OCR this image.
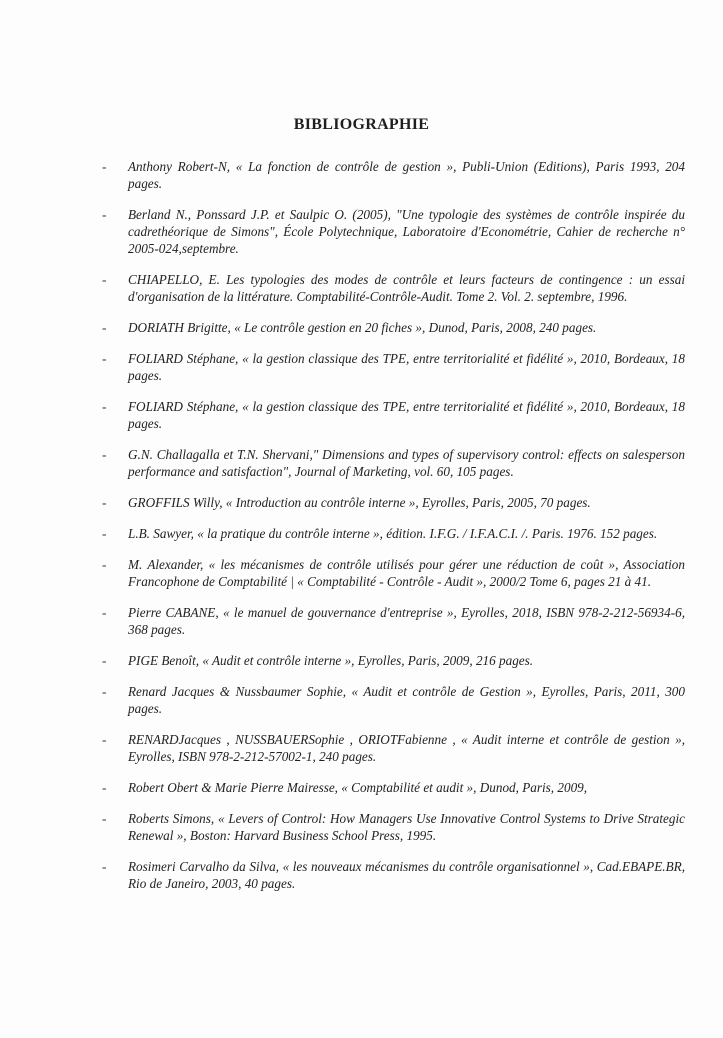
BIBLIOGRAPHIE
- Anthony Robert-N, « La fonction de contrôle de gestion », Publi-Union (Editions), Paris 1993, 204 pages.
- Berland N., Ponssard J.P. et Saulpic O. (2005), "Une typologie des systèmes de contrôle inspirée du cadrethéorique de Simons", École Polytechnique, Laboratoire d'Econométrie, Cahier de recherche n° 2005-024,septembre.
- CHIAPELLO, E. Les typologies des modes de contrôle et leurs facteurs de contingence : un essai d'organisation de la littérature. Comptabilité-Contrôle-Audit. Tome 2. Vol. 2. septembre, 1996.
- DORIATH Brigitte, « Le contrôle gestion en 20 fiches », Dunod, Paris, 2008, 240 pages.
- FOLIARD Stéphane, « la gestion classique des TPE, entre territorialité et fidélité », 2010, Bordeaux, 18 pages.
- FOLIARD Stéphane, « la gestion classique des TPE, entre territorialité et fidélité », 2010, Bordeaux, 18 pages.
- G.N. Challagalla et T.N. Shervani," Dimensions and types of supervisory control: effects on salesperson performance and satisfaction", Journal of Marketing, vol. 60, 105 pages.
- GROFFILS Willy, « Introduction au contrôle interne », Eyrolles, Paris, 2005, 70 pages.
- L.B. Sawyer, « la pratique du contrôle interne », édition. I.F.G. / I.F.A.C.I. /. Paris. 1976. 152 pages.
- M. Alexander, « les mécanismes de contrôle utilisés pour gérer une réduction de coût », Association Francophone de Comptabilité | « Comptabilité - Contrôle - Audit », 2000/2 Tome 6, pages 21 à 41.
- Pierre CABANE, « le manuel de gouvernance d'entreprise », Eyrolles, 2018, ISBN 978-2-212-56934-6, 368 pages.
- PIGE Benoît, « Audit et contrôle interne », Eyrolles, Paris, 2009, 216 pages.
- Renard Jacques & Nussbaumer Sophie, « Audit et contrôle de Gestion », Eyrolles, Paris, 2011, 300 pages.
- RENARDJacques , NUSSBAUERSophie , ORIOTFabienne , « Audit interne et contrôle de gestion », Eyrolles, ISBN 978-2-212-57002-1, 240 pages.
- Robert Obert & Marie Pierre Mairesse, « Comptabilité et audit », Dunod, Paris, 2009,
- Roberts Simons, « Levers of Control: How Managers Use Innovative Control Systems to Drive Strategic Renewal », Boston: Harvard Business School Press, 1995.
- Rosimeri Carvalho da Silva, « les nouveaux mécanismes du contrôle organisationnel », Cad.EBAPE.BR, Rio de Janeiro, 2003, 40 pages.
